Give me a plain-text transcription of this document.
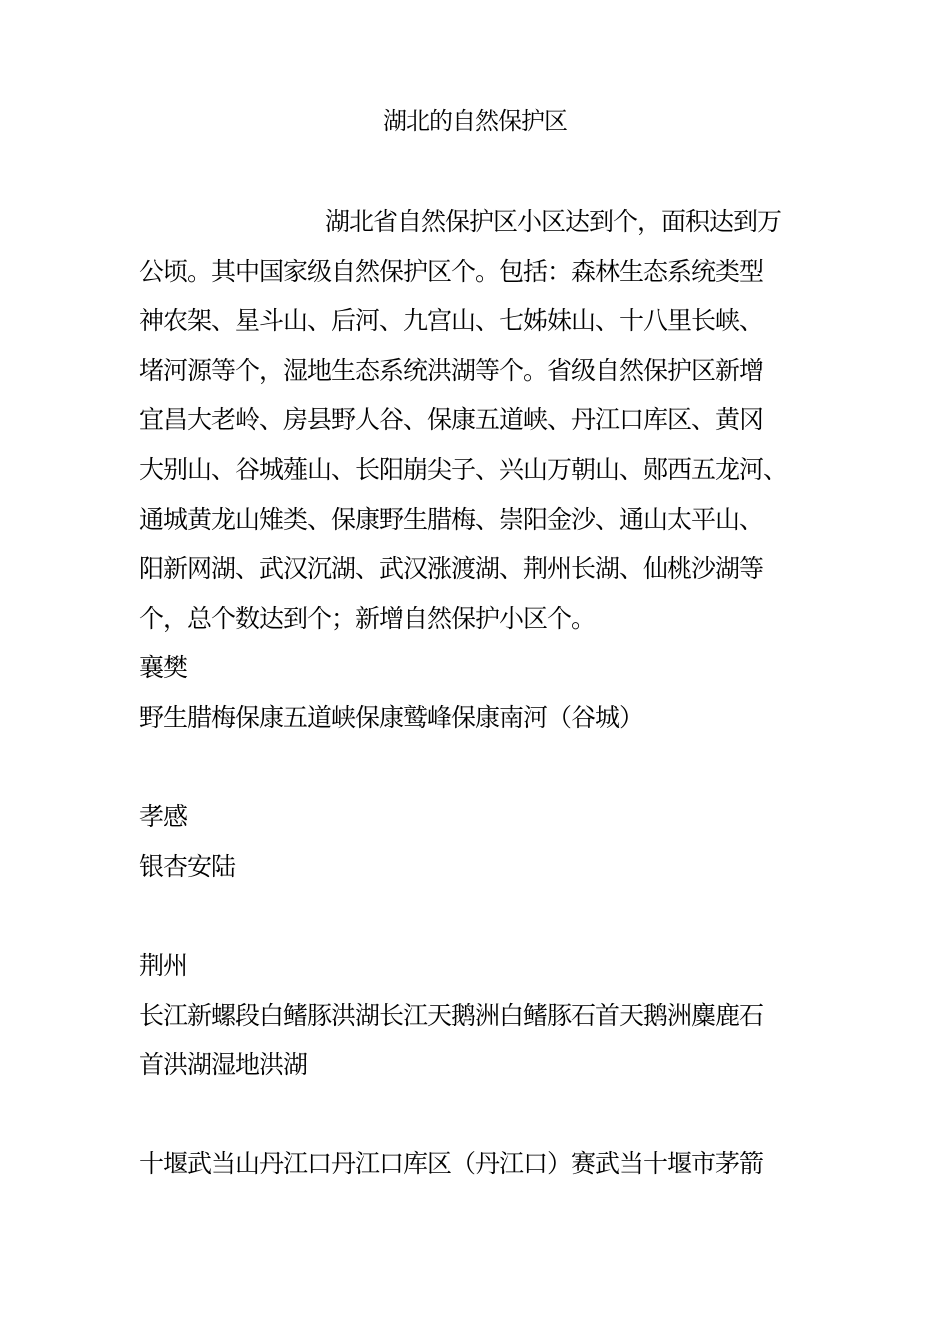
湖北的自然保护区
湖北省自然保护区小区达到个，面积达到万
公顷。其中国家级自然保护区个。包括：森林生态系统类型
神农架、星斗山、后河、九宫山、七姊妹山、十八里长峡、
堵河源等个，湿地生态系统洪湖等个。省级自然保护区新增
宜昌大老岭、房县野人谷、保康五道峡、丹江口库区、黄冈
大别山、谷城薤山、长阳崩尖子、兴山万朝山、郧西五龙河、
通城黄龙山雉类、保康野生腊梅、崇阳金沙、通山太平山、
阳新网湖、武汉沉湖、武汉涨渡湖、荆州长湖、仙桃沙湖等
个，总个数达到个；新增自然保护小区个。
襄樊
野生腊梅保康五道峡保康鹫峰保康南河（谷城）
孝感
银杏安陆
荆州
长江新螺段白鳍豚洪湖长江天鹅洲白鳍豚石首天鹅洲麋鹿石
首洪湖湿地洪湖
十堰武当山丹江口丹江口库区（丹江口）赛武当十堰市茅箭
